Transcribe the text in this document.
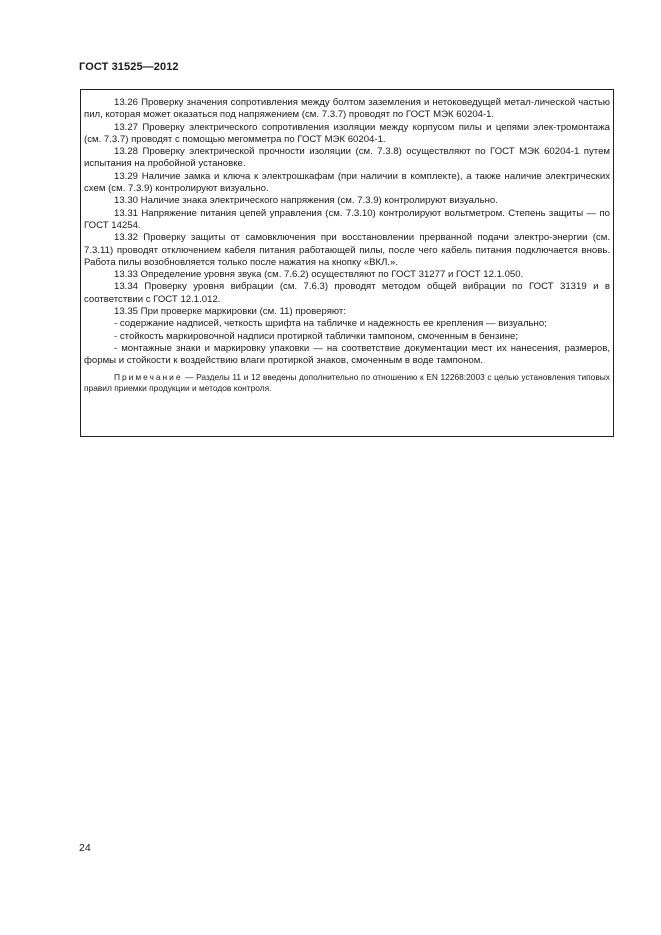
ГОСТ 31525—2012

13.26 Проверку значения сопротивления между болтом заземления и нетоковедущей метал-лической частью пил, которая может оказаться под напряжением (см. 7.3.7) проводят по ГОСТ МЭК 60204-1.

13.27 Проверку электрического сопротивления изоляции между корпусом пилы и цепями элек-тромонтажа (см. 7.3.7) проводят с помощью мегомметра по ГОСТ МЭК 60204-1.

13.28 Проверку электрической прочности изоляции (см. 7.3.8) осуществляют по ГОСТ МЭК 60204-1 путем испытания на пробойной установке.

13.29 Наличие замка и ключа к электрошкафам (при наличии в комплекте), а также наличие электрических схем (см. 7.3.9) контролируют визуально.

13.30 Наличие знака электрического напряжения (см. 7.3.9) контролируют визуально.

13.31 Напряжение питания цепей управления (см. 7.3.10) контролируют вольтметром. Степень защиты — по ГОСТ 14254.

13.32 Проверку защиты от самовключения при восстановлении прерванной подачи электро-энергии (см. 7.3.11) проводят отключением кабеля питания работающей пилы, после чего кабель питания подключается вновь. Работа пилы возобновляется только после нажатия на кнопку «ВКЛ.».

13.33 Определение уровня звука (см. 7.6.2) осуществляют по ГОСТ 31277 и ГОСТ 12.1.050.

13.34 Проверку уровня вибрации (см. 7.6.3) проводят методом общей вибрации по ГОСТ 31319 и в соответствии с ГОСТ 12.1.012.

13.35 При проверке маркировки (см. 11) проверяют:

- содержание надписей, четкость шрифта на табличке и надежность ее крепления — визуально;

- стойкость маркировочной надписи протиркой таблички тампоном, смоченным в бензине;

- монтажные знаки и маркировку упаковки — на соответствие документации мест их нанесения, размеров, формы и стойкости к воздействию влаги протиркой знаков, смоченным в воде тампоном.

Примечание — Разделы 11 и 12 введены дополнительно по отношению к EN 12268:2003 с целью установления типовых правил приемки продукции и методов контроля.

24
